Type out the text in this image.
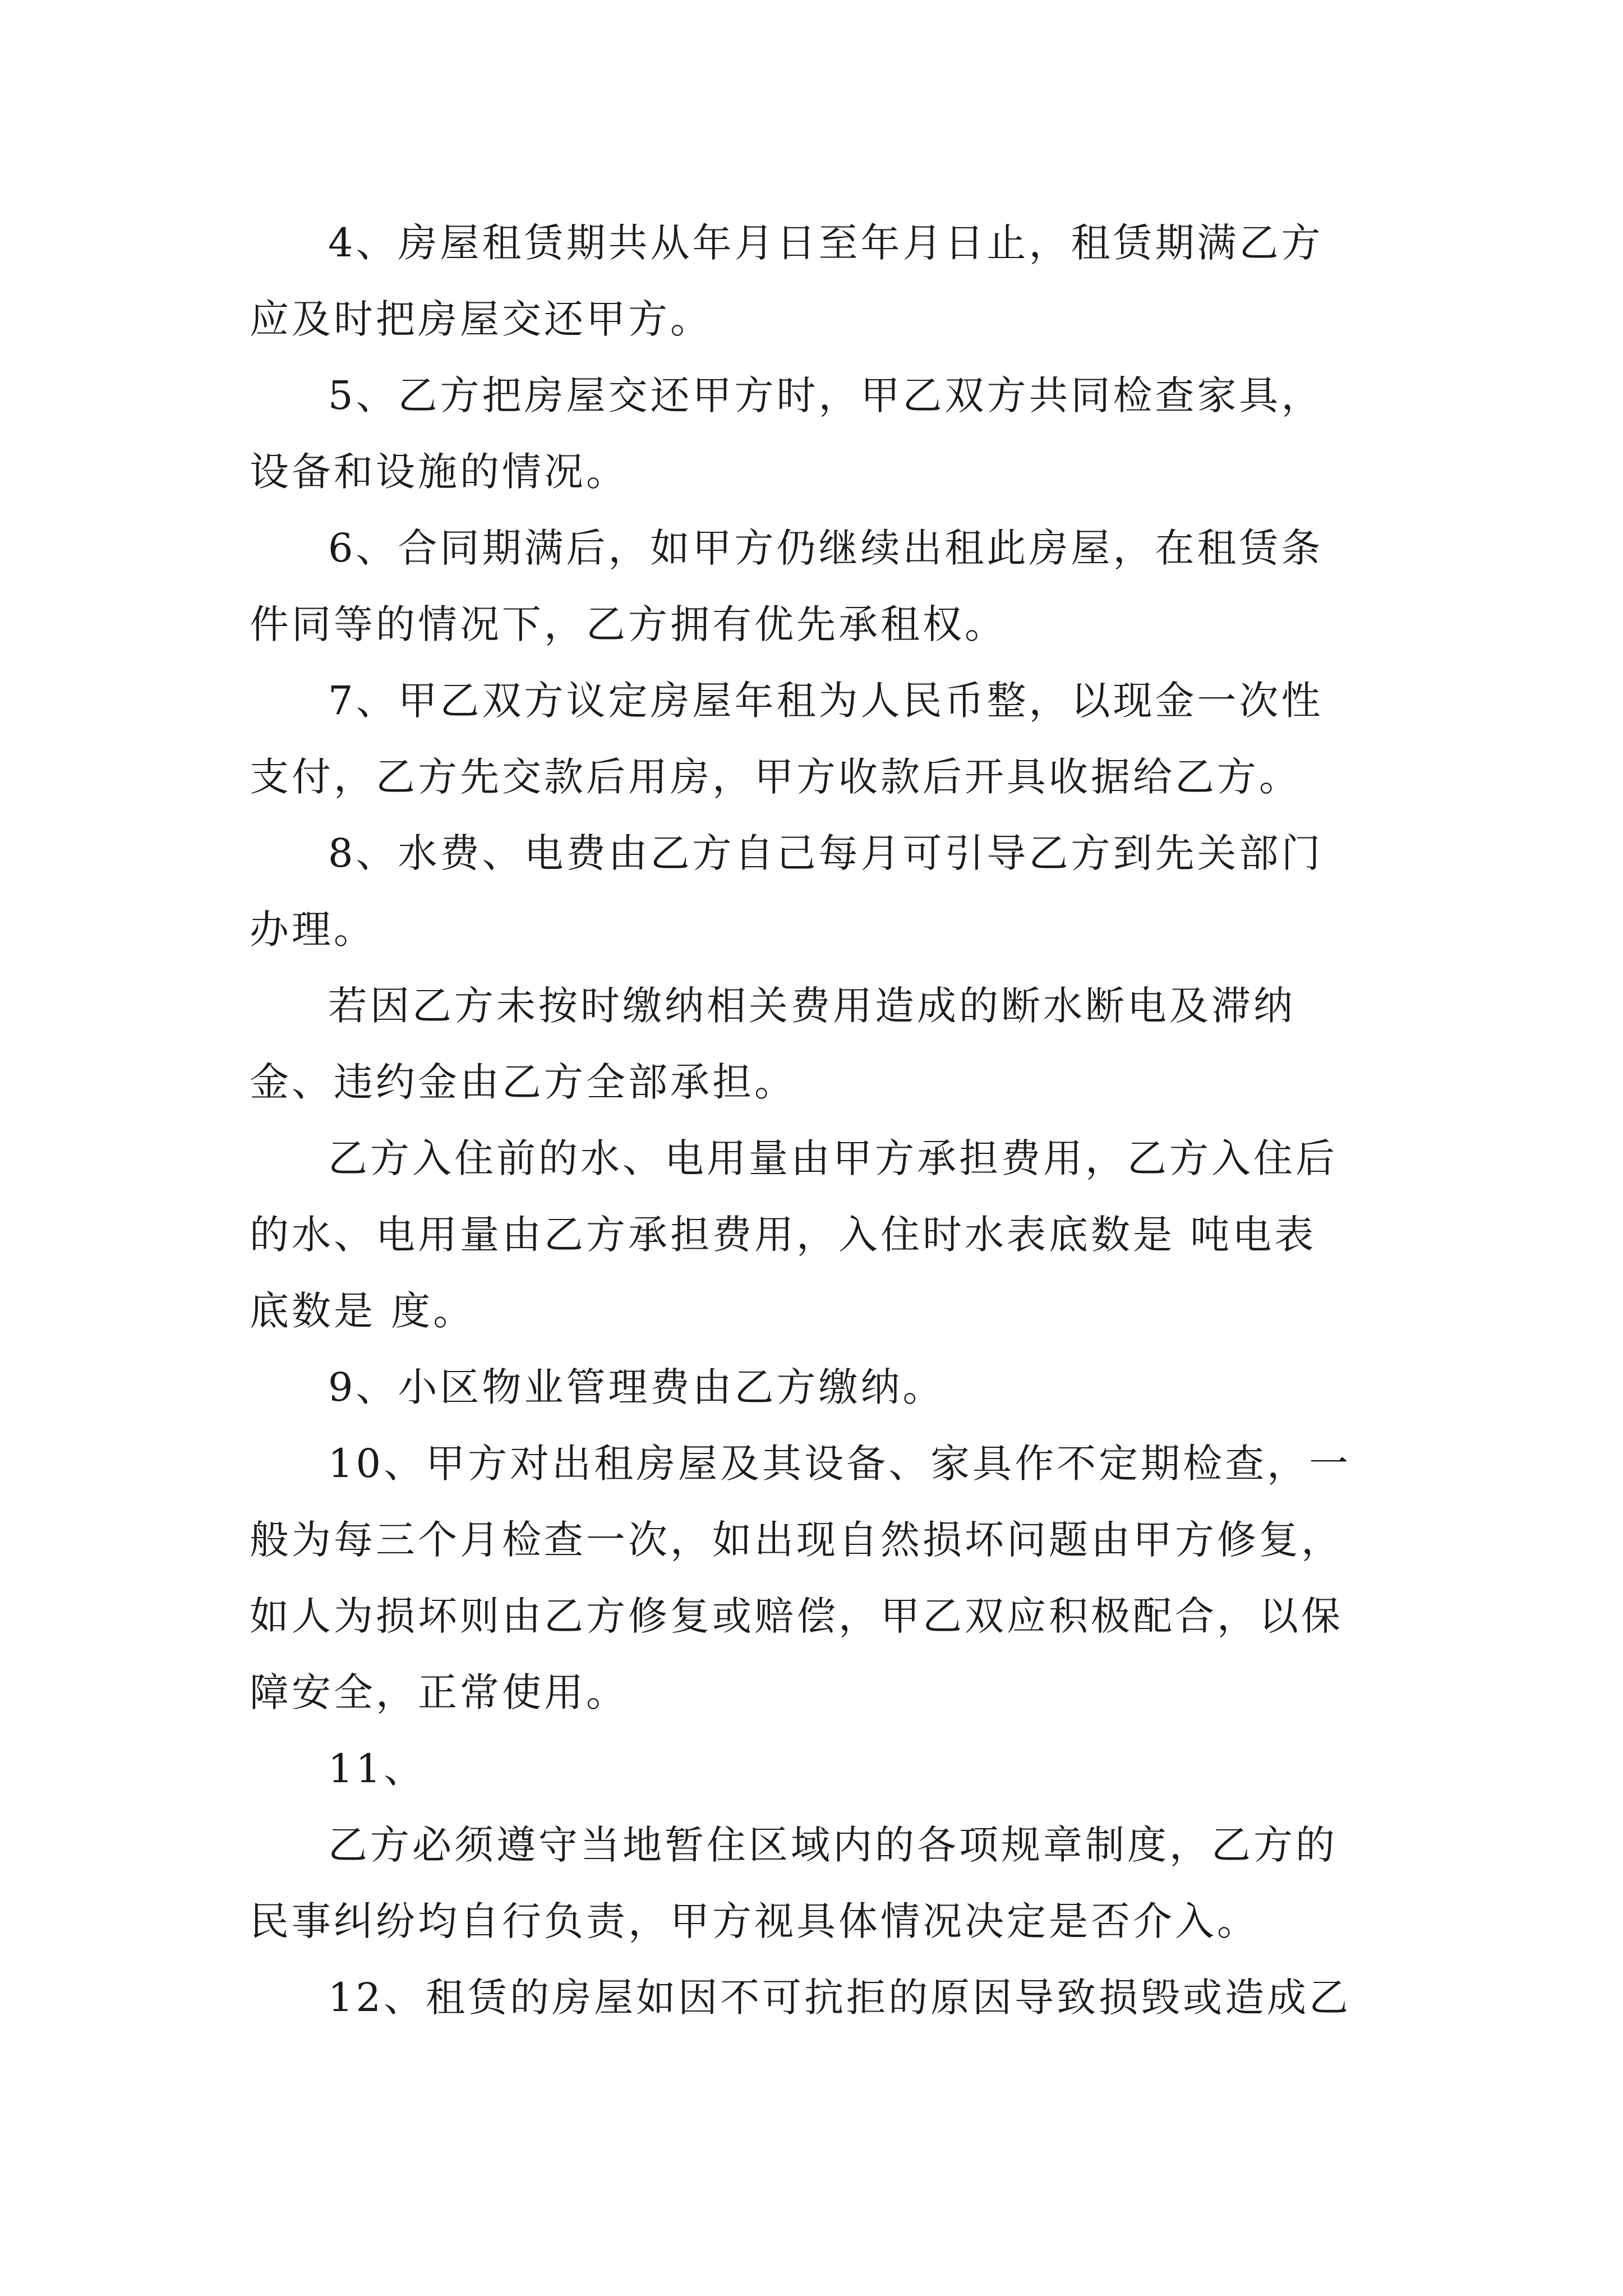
4、房屋租赁期共从年月日至年月日止，租赁期满乙方
应及时把房屋交还甲方。

5、乙方把房屋交还甲方时，甲乙双方共同检查家具，
设备和设施的情况。

6、合同期满后，如甲方仍继续出租此房屋，在租赁条
件同等的情况下，乙方拥有优先承租权。

7、甲乙双方议定房屋年租为人民币整，以现金一次性
支付，乙方先交款后用房，甲方收款后开具收据给乙方。

8、水费、电费由乙方自己每月可引导乙方到先关部门
办理。

若因乙方未按时缴纳相关费用造成的断水断电及滞纳
金、违约金由乙方全部承担。

乙方入住前的水、电用量由甲方承担费用，乙方入住后
的水、电用量由乙方承担费用，入住时水表底数是 吨电表
底数是 度。

9、小区物业管理费由乙方缴纳。

10、甲方对出租房屋及其设备、家具作不定期检查，一
般为每三个月检查一次，如出现自然损坏问题由甲方修复，
如人为损坏则由乙方修复或赔偿，甲乙双应积极配合，以保
障安全，正常使用。

11、

乙方必须遵守当地暂住区域内的各项规章制度，乙方的
民事纠纷均自行负责，甲方视具体情况决定是否介入。

12、租赁的房屋如因不可抗拒的原因导致损毁或造成乙
